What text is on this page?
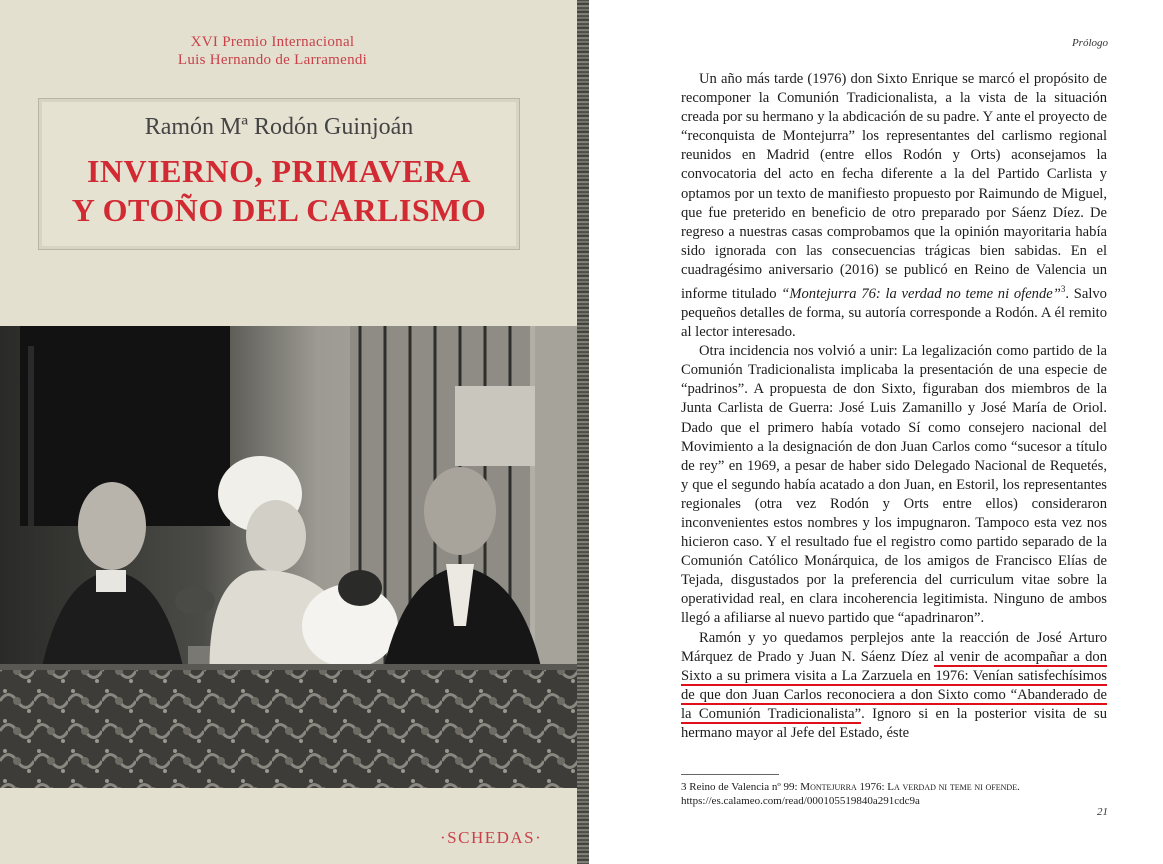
XVI Premio Internacional
Luis Hernando de Larramendi
Ramón Mª Rodón Guinjoán
INVIERNO, PRIMAVERA
Y OTOÑO DEL CARLISMO
·SCHEDAS·
Prólogo

Un año más tarde (1976) don Sixto Enrique se marcó el propósito de recomponer la Comunión Tradicionalista, a la vista de la situación creada por su hermano y la abdicación de su padre. Y ante el proyecto de “reconquista de Montejurra” los representantes del carlismo regional reunidos en Madrid (entre ellos Rodón y Orts) aconsejamos la convocatoria del acto en fecha diferente a la del Partido Carlista y optamos por un texto de manifiesto propuesto por Raimundo de Miguel, que fue preterido en beneficio de otro preparado por Sáenz Díez. De regreso a nuestras casas comprobamos que la opinión mayoritaria había sido ignorada con las consecuencias trágicas bien sabidas. En el cuadragésimo aniversario (2016) se publicó en Reino de Valencia un informe titulado “Montejurra 76: la verdad no teme ni ofende”$^3$. Salvo pequeños detalles de forma, su autoría corresponde a Rodón. A él remito al lector interesado.

Otra incidencia nos volvió a unir: La legalización como partido de la Comunión Tradicionalista implicaba la presentación de una especie de “padrinos”. A propuesta de don Sixto, figuraban dos miembros de la Junta Carlista de Guerra: José Luis Zamanillo y José María de Oriol. Dado que el primero había votado Sí como consejero nacional del Movimiento a la designación de don Juan Carlos como “sucesor a título de rey” en 1969, a pesar de haber sido Delegado Nacional de Requetés, y que el segundo había acatado a don Juan, en Estoril, los representantes regionales (otra vez Rodón y Orts entre ellos) consideraron inconvenientes estos nombres y los impugnaron. Tampoco esta vez nos hicieron caso. Y el resultado fue el registro como partido separado de la Comunión Católico Monárquica, de los amigos de Francisco Elías de Tejada, disgustados por la preferencia del curriculum vitae sobre la operatividad real, en clara incoherencia legitimista. Ninguno de ambos llegó a afiliarse al nuevo partido que “apadrinaron”.

Ramón y yo quedamos perplejos ante la reacción de José Arturo Márquez de Prado y Juan N. Sáenz Díez al venir de acompañar a don Sixto a su primera visita a La Zarzuela en 1976: Venían satisfechísimos de que don Juan Carlos reconociera a don Sixto como “Abanderado de la Comunión Tradicionalista”. Ignoro si en la posterior visita de su hermano mayor al Jefe del Estado, éste

3 Reino de Valencia nº 99: Montejurra 1976: La verdad ni teme ni ofende. https://es.calameo.com/read/000105519840a291cdc9a
21
